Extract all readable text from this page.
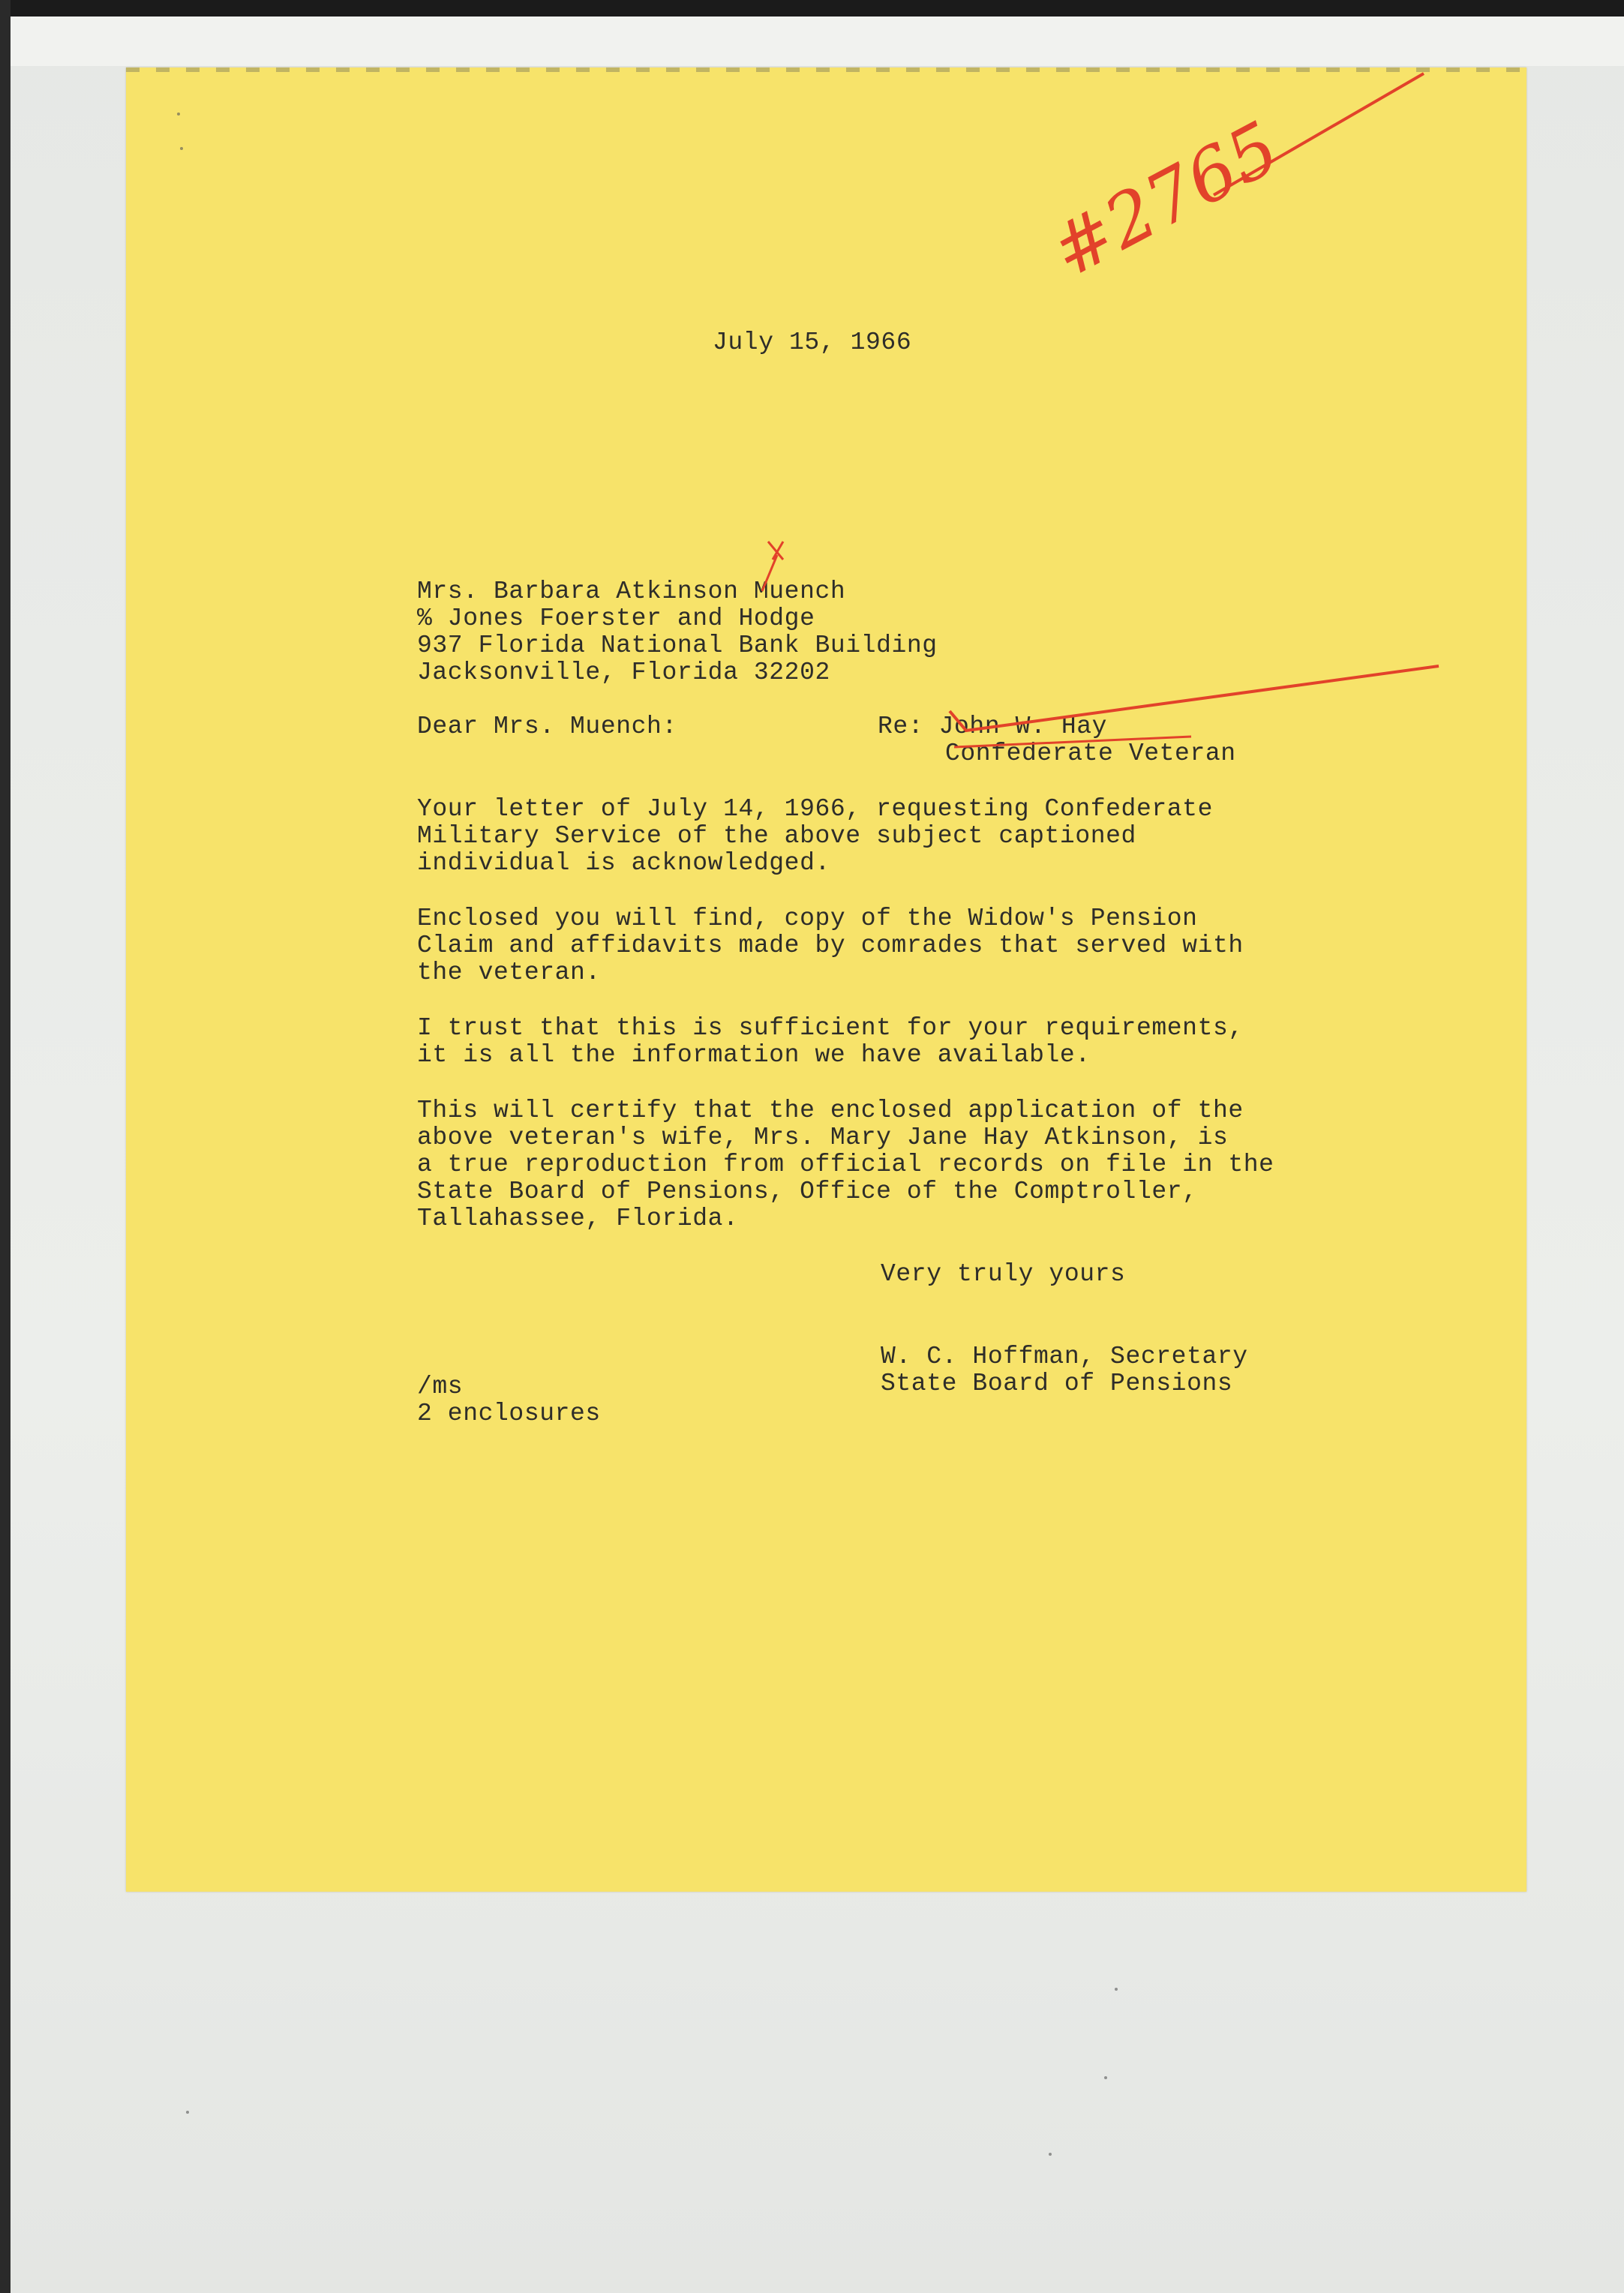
#2765
July 15, 1966
Mrs. Barbara Atkinson Muench
% Jones Foerster and Hodge
937 Florida National Bank Building
Jacksonville, Florida 32202
Dear Mrs. Muench:	Re: John W. Hay
Confederate Veteran
Your letter of July 14, 1966, requesting Confederate
Military Service of the above subject captioned
individual is acknowledged.
Enclosed you will find, copy of the Widow's Pension
Claim and affidavits made by comrades that served with
the veteran.
I trust that this is sufficient for your requirements,
it is all the information we have available.
This will certify that the enclosed application of the
above veteran's wife, Mrs. Mary Jane Hay Atkinson, is
a true reproduction from official records on file in the
State Board of Pensions, Office of the Comptroller,
Tallahassee, Florida.
Very truly yours
W. C. Hoffman, Secretary
State Board of Pensions
/ms
2 enclosures
